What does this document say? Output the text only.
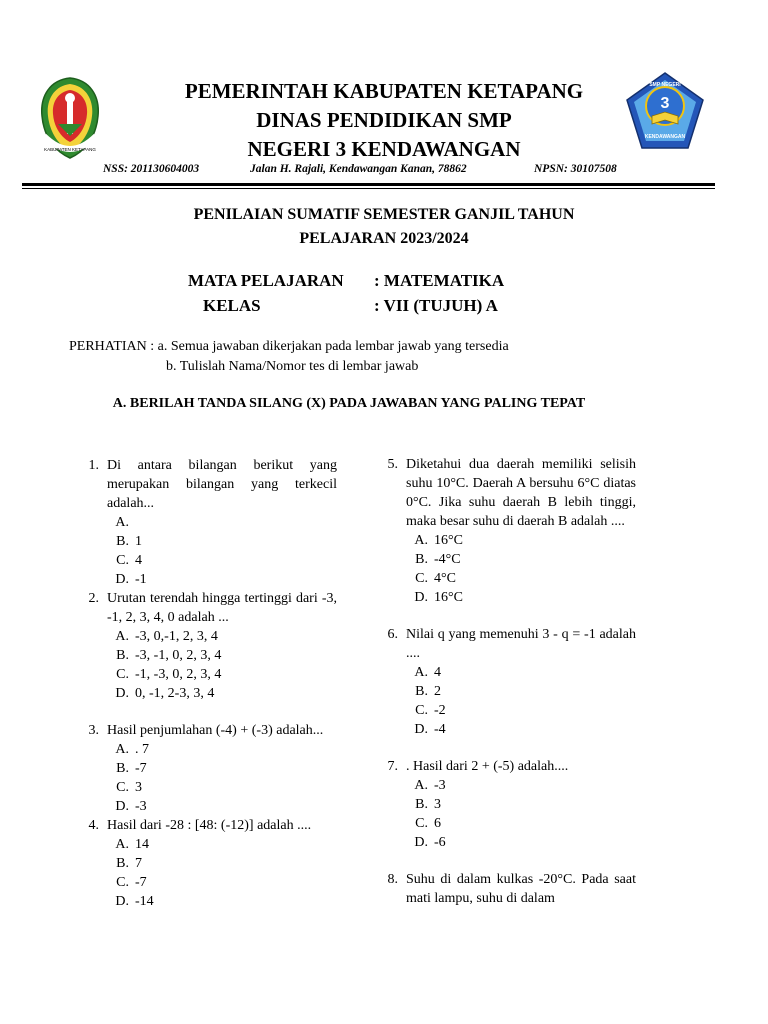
KABUPATEN KETAPANG
3
SMP NEGERI
KENDAWANGAN
PEMERINTAH KABUPATEN KETAPANG
DINAS PENDIDIKAN SMP
NEGERI 3 KENDAWANGAN
NSS: 201130604003	Jalan H. Rajali, Kendawangan Kanan, 78862	NPSN: 30107508
PENILAIAN SUMATIF SEMESTER GANJIL TAHUN
PELAJARAN 2023/2024
MATA PELAJARAN : MATEMATIKA
KELAS	: VII (TUJUH) A
PERHATIAN : a. Semua jawaban dikerjakan pada lembar jawab yang tersedia
b. Tulislah Nama/Nomor tes di lembar jawab
A. BERILAH TANDA SILANG (X) PADA JAWABAN YANG PALING TEPAT
1. Di antara bilangan berikut yang merupakan bilangan yang terkecil adalah...
A.
B. 1
C. 4
D. -1
2. Urutan terendah hingga tertinggi dari -3, -1, 2, 3, 4, 0 adalah ...
A. -3, 0,-1, 2, 3, 4
B. -3, -1, 0, 2, 3, 4
C. -1, -3, 0, 2, 3, 4
D. 0, -1, 2-3, 3, 4
3. Hasil penjumlahan (-4) + (-3) adalah...
A. . 7
B. -7
C. 3
D. -3
4. Hasil dari -28 : [48: (-12)] adalah ....
A. 14
B. 7
C. -7
D. -14
5. Diketahui dua daerah memiliki selisih suhu 10°C. Daerah A bersuhu 6°C diatas 0°C. Jika suhu daerah B lebih tinggi, maka besar suhu di daerah B adalah ....
A. 16°C
B.-4°C
C.4°C
D. 16°C
6. Nilai q yang memenuhi 3 - q = -1 adalah ....
A. 4
B. 2
C. -2
D. -4
7. . Hasil dari 2 + (-5) adalah....
A. -3
B. 3
C. 6
D. -6
8. Suhu di dalam kulkas -20°C. Pada saat mati lampu, suhu di dalam
